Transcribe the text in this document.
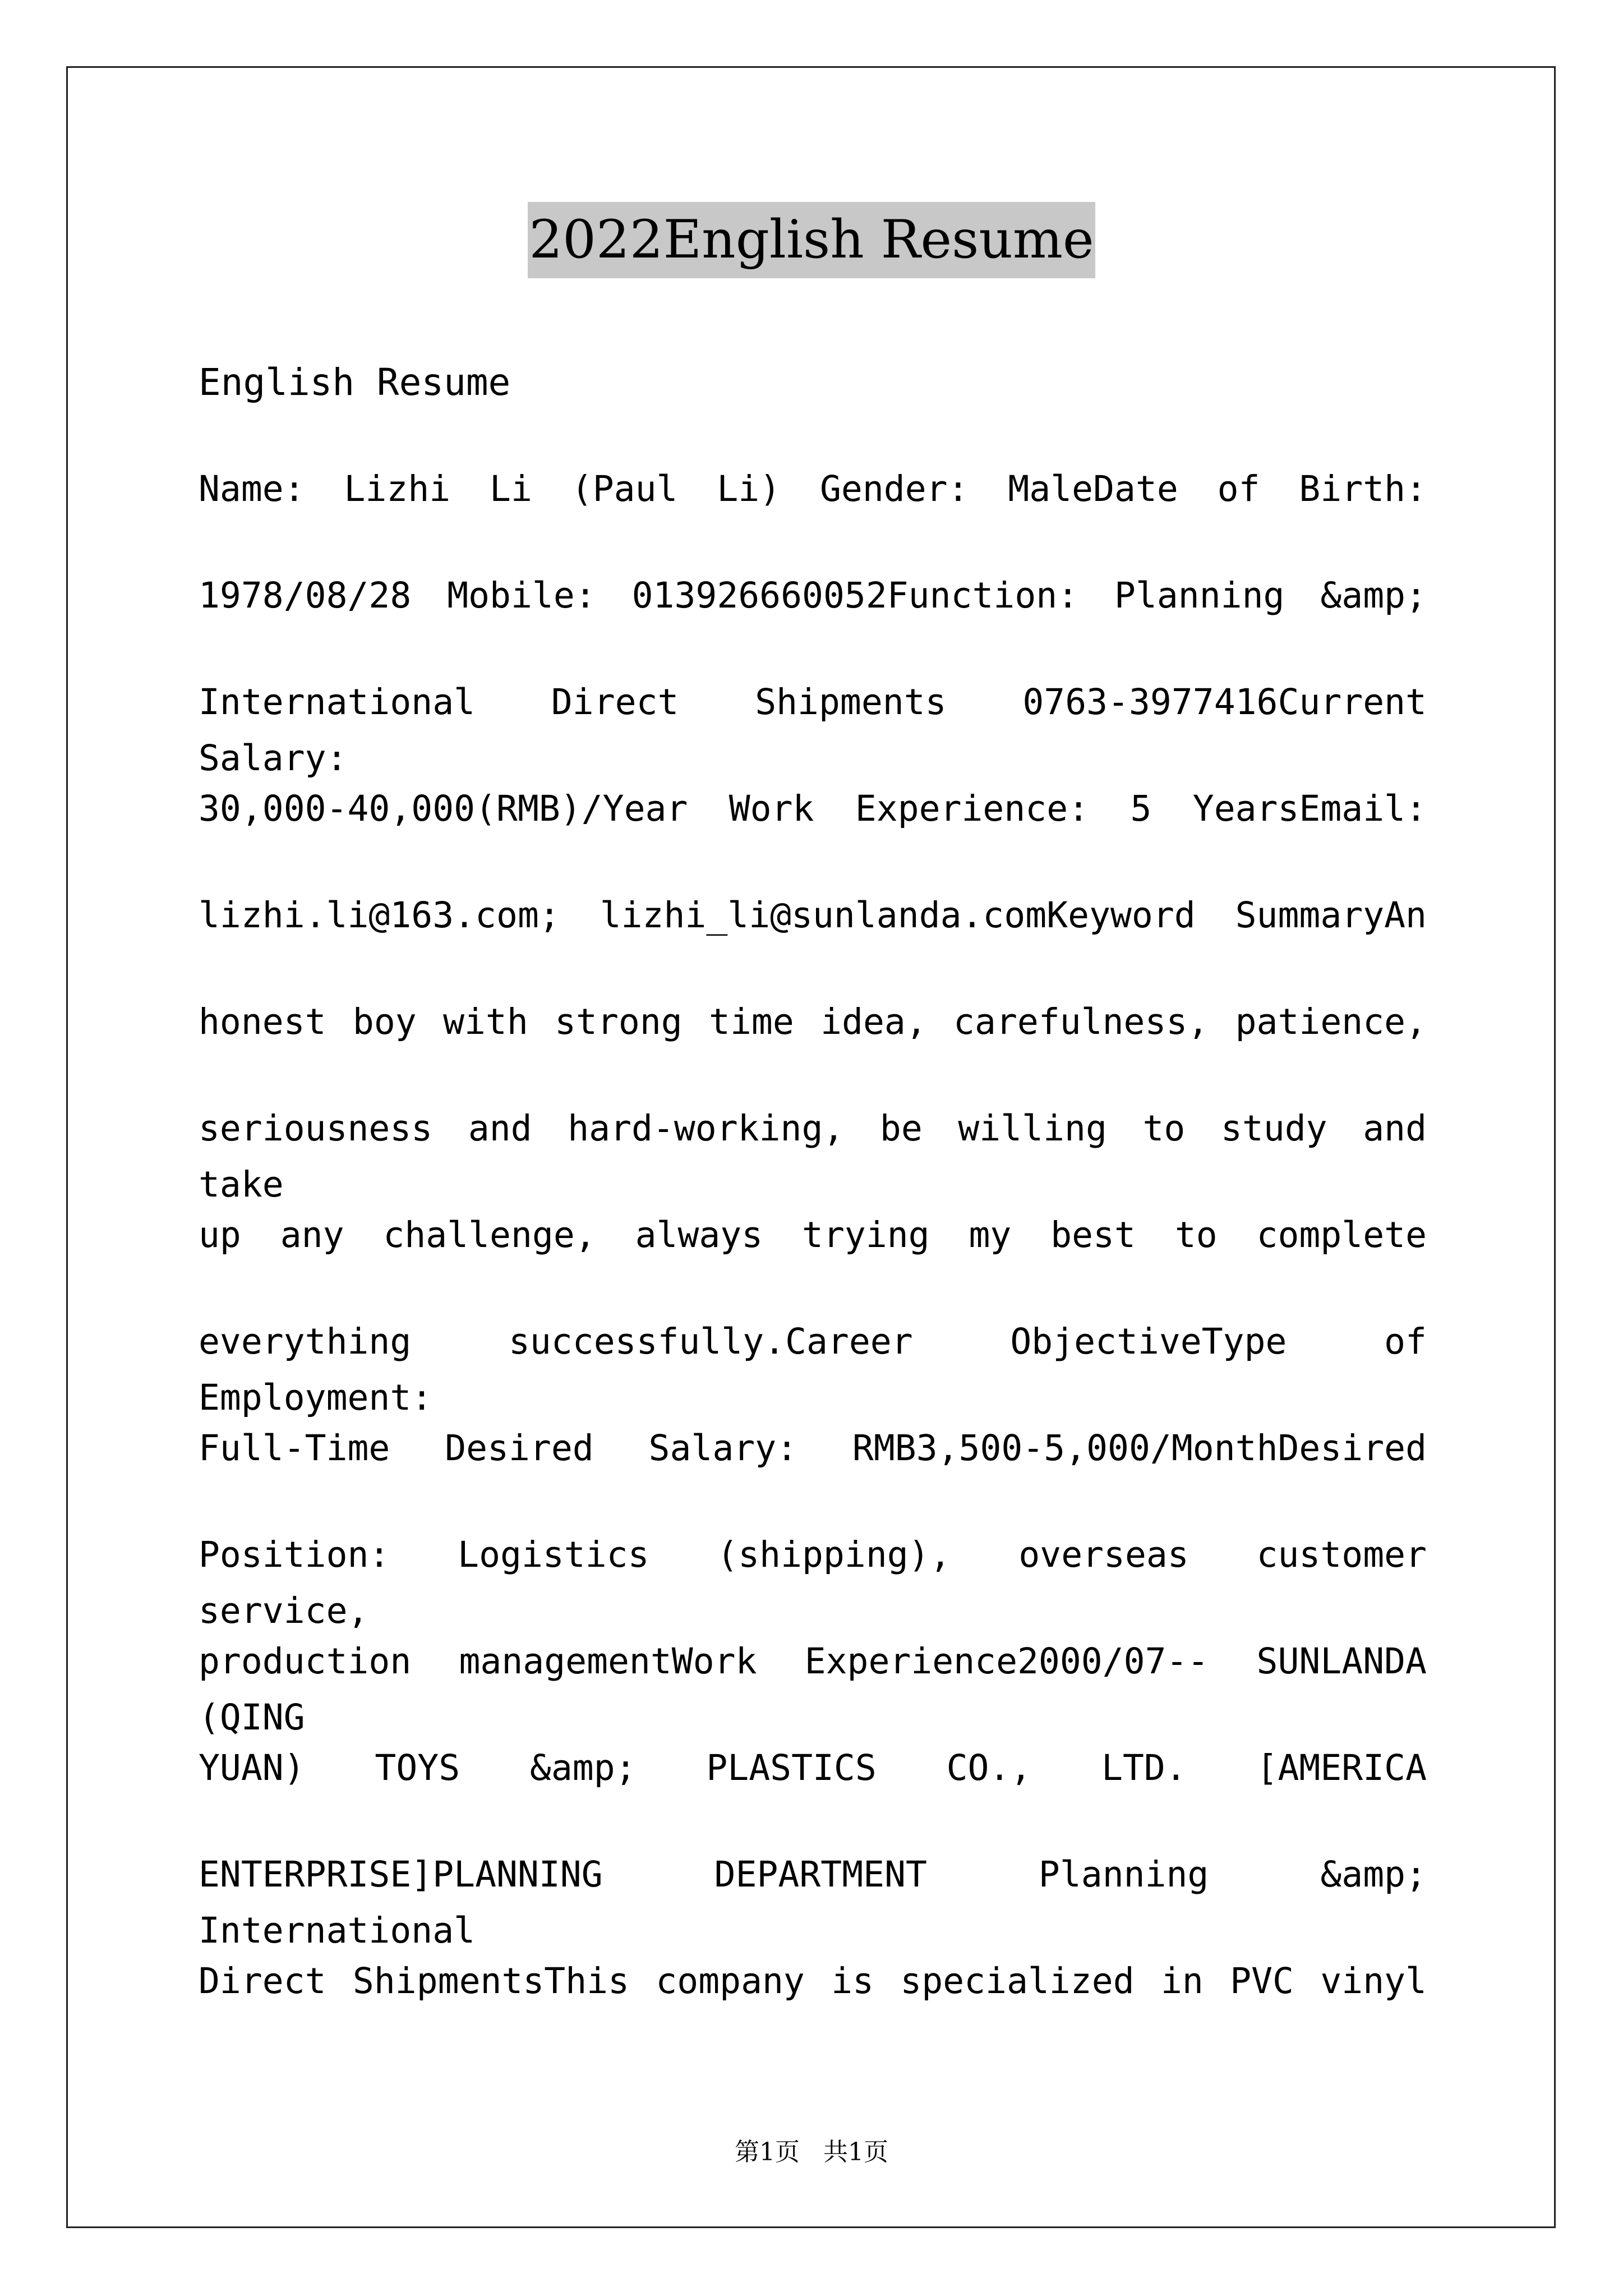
2022English Resume

English Resume

Name: Lizhi Li (Paul Li) Gender: MaleDate of Birth:
1978/08/28 Mobile: 013926660052Function: Planning &amp;
International Direct Shipments 0763-3977416Current Salary:
30,000-40,000(RMB)/Year Work Experience: 5 YearsEmail:
lizhi.li@163.com; lizhi_li@sunlanda.comKeyword SummaryAn
honest boy with strong time idea, carefulness, patience,
seriousness and hard-working, be willing to study and take
up any challenge, always trying my best to complete
everything successfully.Career ObjectiveType of Employment:
Full-Time Desired Salary: RMB3,500-5,000/MonthDesired
Position: Logistics (shipping), overseas customer service,
production managementWork Experience2000/07-- SUNLANDA (QING
YUAN) TOYS &amp; PLASTICS CO., LTD. [AMERICA
ENTERPRISE]PLANNING DEPARTMENT Planning &amp; International
Direct ShipmentsThis company is specialized in PVC vinyl
第1页   共1页
